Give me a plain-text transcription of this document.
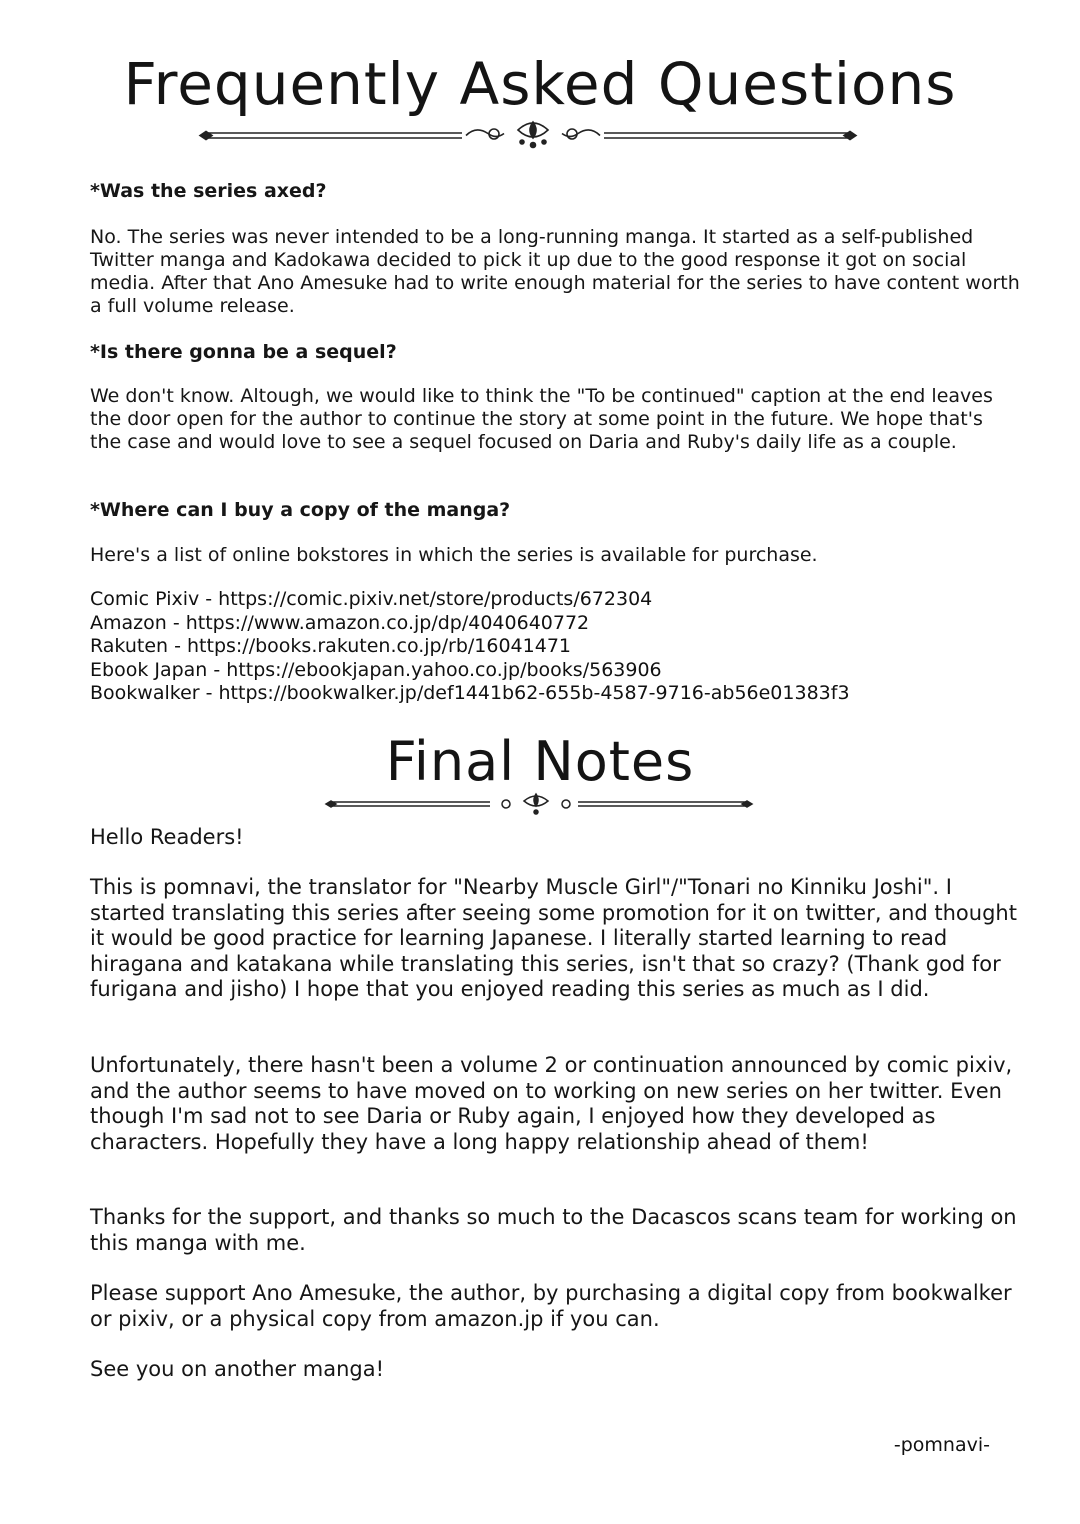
Frequently Asked Questions

*Was the series axed?

No. The series was never intended to be a long-running manga. It started as a self-published Twitter manga and Kadokawa decided to pick it up due to the good response it got on social media. After that Ano Amesuke had to write enough material for the series to have content worth a full volume release.

*Is there gonna be a sequel?

We don't know. Altough, we would like to think the "To be continued" caption at the end leaves the door open for the author to continue the story at some point in the future. We hope that's the case and would love to see a sequel focused on Daria and Ruby's daily life as a couple.

*Where can I buy a copy of the manga?

Here's a list of online bokstores in which the series is available for purchase.

Comic Pixiv - https://comic.pixiv.net/store/products/672304
Amazon - https://www.amazon.co.jp/dp/4040640772
Rakuten - https://books.rakuten.co.jp/rb/16041471
Ebook Japan - https://ebookjapan.yahoo.co.jp/books/563906
Bookwalker - https://bookwalker.jp/def1441b62-655b-4587-9716-ab56e01383f3
Final Notes

Hello Readers!

This is pomnavi, the translator for "Nearby Muscle Girl"/"Tonari no Kinniku Joshi". I started translating this series after seeing some promotion for it on twitter, and thought it would be good practice for learning Japanese. I literally started learning to read hiragana and katakana while translating this series, isn't that so crazy? (Thank god for furigana and jisho) I hope that you enjoyed reading this series as much as I did.

Unfortunately, there hasn't been a volume 2 or continuation announced by comic pixiv, and the author seems to have moved on to working on new series on her twitter. Even though I'm sad not to see Daria or Ruby again, I enjoyed how they developed as characters. Hopefully they have a long happy relationship ahead of them!

Thanks for the support, and thanks so much to the Dacascos scans team for working on this manga with me.

Please support Ano Amesuke, the author, by purchasing a digital copy from bookwalker or pixiv, or a physical copy from amazon.jp if you can.

See you on another manga!

-pomnavi-
